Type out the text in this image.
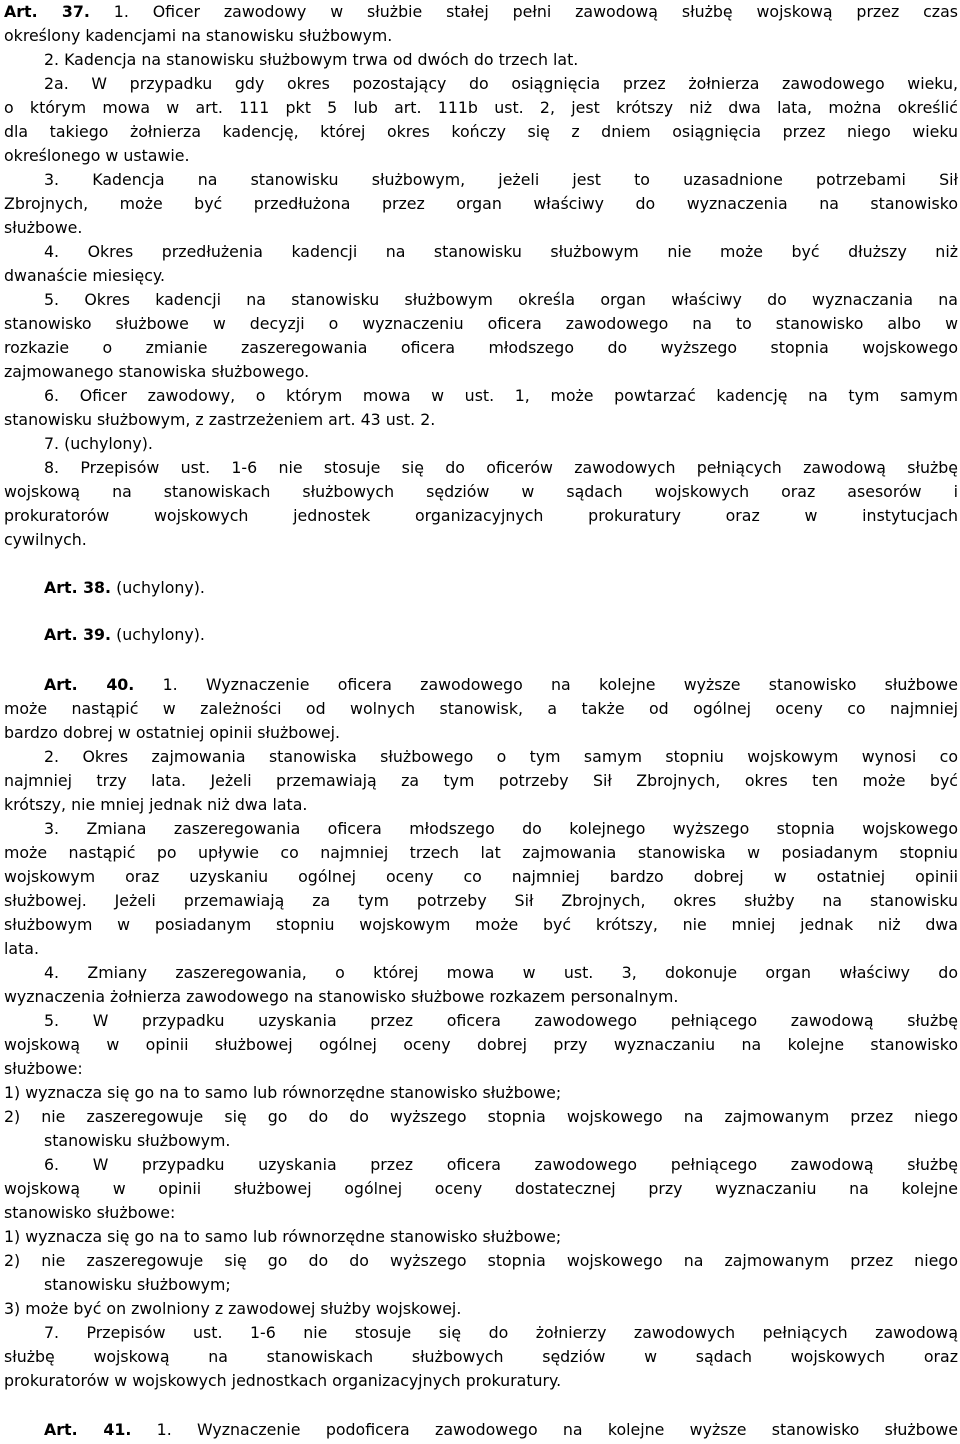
Art. 37. 1. Oficer zawodowy w służbie stałej pełni zawodową służbę wojskową przez czas
określony kadencjami na stanowisku służbowym.
2. Kadencja na stanowisku służbowym trwa od dwóch do trzech lat.
2a. W przypadku gdy okres pozostający do osiągnięcia przez żołnierza zawodowego wieku,
o którym mowa w art. 111 pkt 5 lub art. 111b ust. 2, jest krótszy niż dwa lata, można określić
dla takiego żołnierza kadencję, której okres kończy się z dniem osiągnięcia przez niego wieku
określonego w ustawie.
3. Kadencja na stanowisku służbowym, jeżeli jest to uzasadnione potrzebami Sił
Zbrojnych, może być przedłużona przez organ właściwy do wyznaczenia na stanowisko
służbowe.
4. Okres przedłużenia kadencji na stanowisku służbowym nie może być dłuższy niż
dwanaście miesięcy.
5. Okres kadencji na stanowisku służbowym określa organ właściwy do wyznaczania na
stanowisko służbowe w decyzji o wyznaczeniu oficera zawodowego na to stanowisko albo w
rozkazie o zmianie zaszeregowania oficera młodszego do wyższego stopnia wojskowego
zajmowanego stanowiska służbowego.
6. Oficer zawodowy, o którym mowa w ust. 1, może powtarzać kadencję na tym samym
stanowisku służbowym, z zastrzeżeniem art. 43 ust. 2.
7. (uchylony).
8. Przepisów ust. 1-6 nie stosuje się do oficerów zawodowych pełniących zawodową służbę
wojskową na stanowiskach służbowych sędziów w sądach wojskowych oraz asesorów i
prokuratorów wojskowych jednostek organizacyjnych prokuratury oraz w instytucjach
cywilnych.
Art. 38. (uchylony).
Art. 39. (uchylony).
Art. 40. 1. Wyznaczenie oficera zawodowego na kolejne wyższe stanowisko służbowe
może nastąpić w zależności od wolnych stanowisk, a także od ogólnej oceny co najmniej
bardzo dobrej w ostatniej opinii służbowej.
2. Okres zajmowania stanowiska służbowego o tym samym stopniu wojskowym wynosi co
najmniej trzy lata. Jeżeli przemawiają za tym potrzeby Sił Zbrojnych, okres ten może być
krótszy, nie mniej jednak niż dwa lata.
3. Zmiana zaszeregowania oficera młodszego do kolejnego wyższego stopnia wojskowego
może nastąpić po upływie co najmniej trzech lat zajmowania stanowiska w posiadanym stopniu
wojskowym oraz uzyskaniu ogólnej oceny co najmniej bardzo dobrej w ostatniej opinii
służbowej. Jeżeli przemawiają za tym potrzeby Sił Zbrojnych, okres służby na stanowisku
służbowym w posiadanym stopniu wojskowym może być krótszy, nie mniej jednak niż dwa
lata.
4. Zmiany zaszeregowania, o której mowa w ust. 3, dokonuje organ właściwy do
wyznaczenia żołnierza zawodowego na stanowisko służbowe rozkazem personalnym.
5. W przypadku uzyskania przez oficera zawodowego pełniącego zawodową służbę
wojskową w opinii służbowej ogólnej oceny dobrej przy wyznaczaniu na kolejne stanowisko
służbowe:
1) wyznacza się go na to samo lub równorzędne stanowisko służbowe;
2) nie zaszeregowuje się go do do wyższego stopnia wojskowego na zajmowanym przez niego
stanowisku służbowym.
6. W przypadku uzyskania przez oficera zawodowego pełniącego zawodową służbę
wojskową w opinii służbowej ogólnej oceny dostatecznej przy wyznaczaniu na kolejne
stanowisko służbowe:
1) wyznacza się go na to samo lub równorzędne stanowisko służbowe;
2) nie zaszeregowuje się go do do wyższego stopnia wojskowego na zajmowanym przez niego
stanowisku służbowym;
3) może być on zwolniony z zawodowej służby wojskowej.
7. Przepisów ust. 1-6 nie stosuje się do żołnierzy zawodowych pełniących zawodową
służbę wojskową na stanowiskach służbowych sędziów w sądach wojskowych oraz
prokuratorów w wojskowych jednostkach organizacyjnych prokuratury.
Art. 41. 1. Wyznaczenie podoficera zawodowego na kolejne wyższe stanowisko służbowe
